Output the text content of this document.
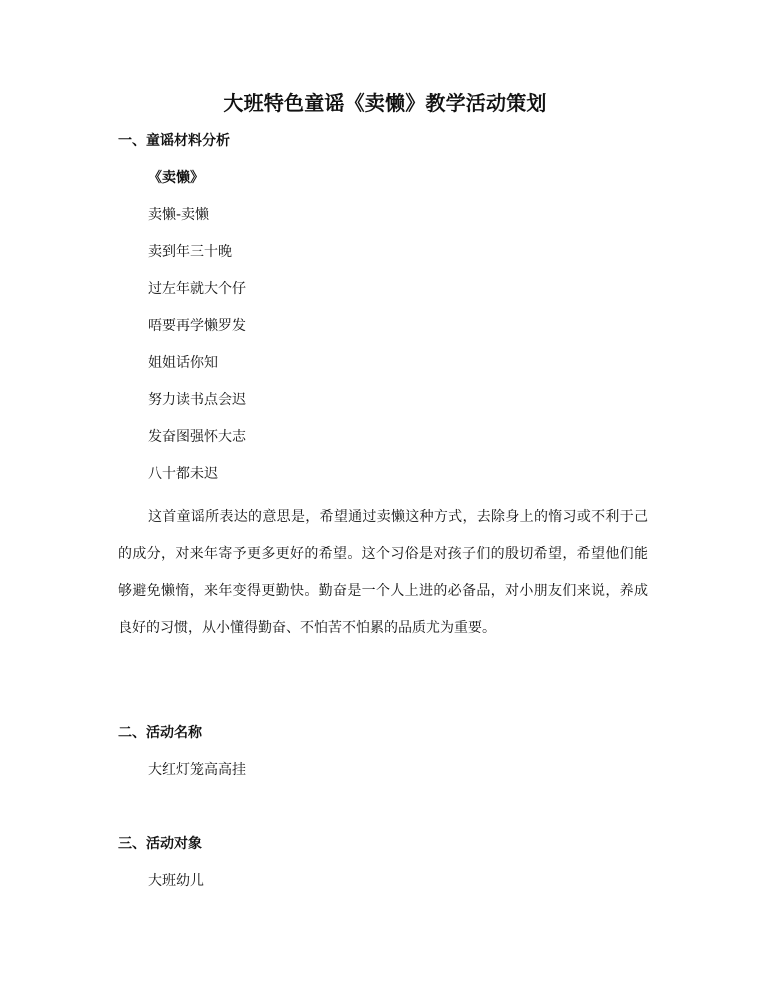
大班特色童谣《卖懒》教学活动策划
一、童谣材料分析
《卖懒》
卖懒-卖懒
卖到年三十晚
过左年就大个仔
唔要再学懒罗发
姐姐话你知
努力读书点会迟
发奋图强怀大志
八十都未迟
这首童谣所表达的意思是，希望通过卖懒这种方式，去除身上的惰习或不利于己的成分，对来年寄予更多更好的希望。这个习俗是对孩子们的殷切希望，希望他们能够避免懒惰，来年变得更勤快。勤奋是一个人上进的必备品，对小朋友们来说，养成良好的习惯，从小懂得勤奋、不怕苦不怕累的品质尤为重要。
二、活动名称
大红灯笼高高挂
三、活动对象
大班幼儿
